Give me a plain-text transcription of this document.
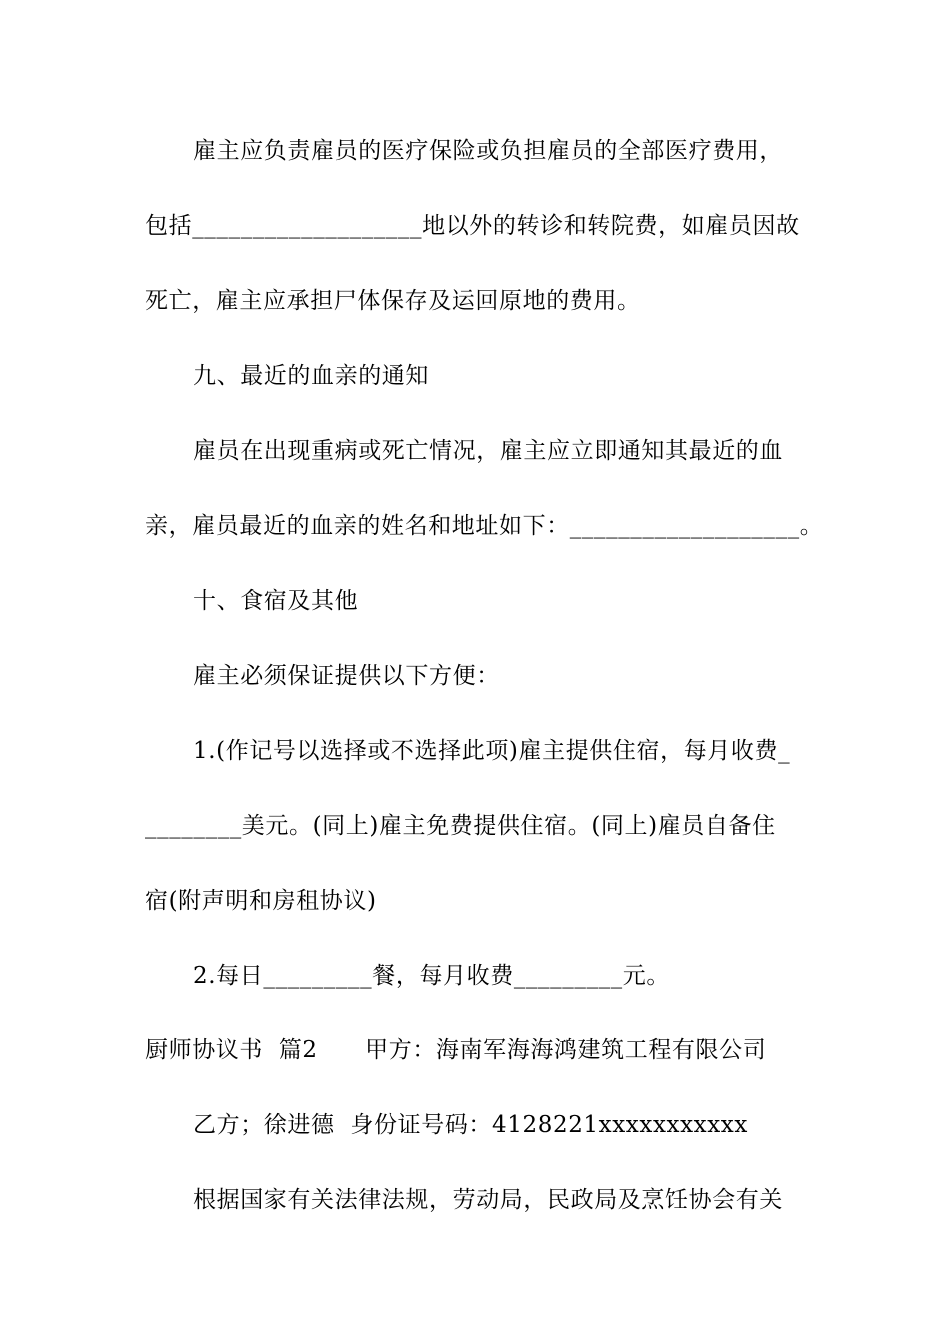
雇主应负责雇员的医疗保险或负担雇员的全部医疗费用，
包括___________________地以外的转诊和转院费，如雇员因故
死亡，雇主应承担尸体保存及运回原地的费用。
九、最近的血亲的通知
雇员在出现重病或死亡情况，雇主应立即通知其最近的血
亲，雇员最近的血亲的姓名和地址如下：___________________。
十、食宿及其他
雇主必须保证提供以下方便：
1.(作记号以选择或不选择此项)雇主提供住宿，每月收费_
________美元。(同上)雇主免费提供住宿。(同上)雇员自备住
宿(附声明和房租协议)
2.每日_________餐，每月收费_________元。
厨师协议书  篇2      甲方：海南军海海鸿建筑工程有限公司
乙方；徐进德  身份证号码：4128221xxxxxxxxxxx
根据国家有关法律法规，劳动局，民政局及烹饪协会有关
